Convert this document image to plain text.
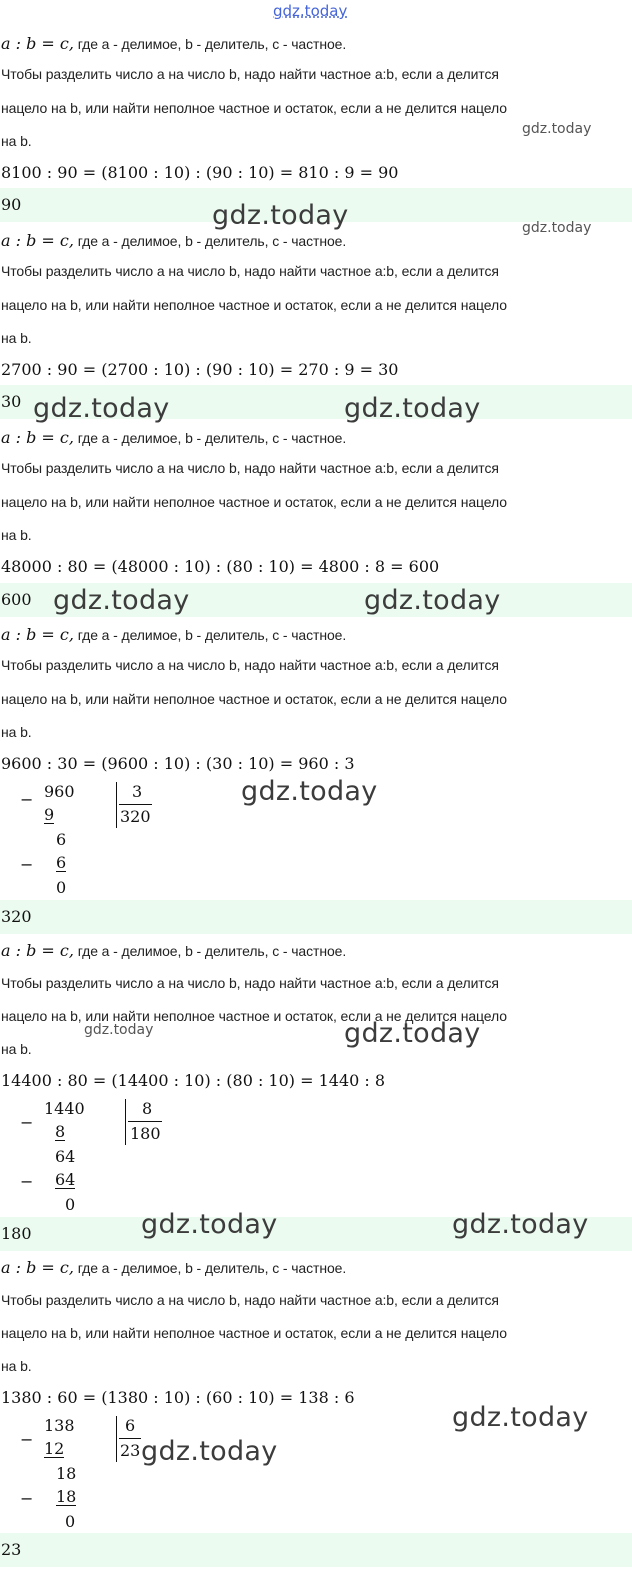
gdz.today
a : b = c, где а - делимое, b - делитель, с - частное.
Чтобы разделить число а на число b, надо найти частное а:b, если а делится
нацело на b, или найти неполное частное и остаток, если а не делится нацело
на b.
gdz.today
8100 : 90 = (8100 : 10) : (90 : 10) = 810 : 9 = 90
90	gdz.today	gdz.today
a : b = c, где а - делимое, b - делитель, с - частное.
Чтобы разделить число а на число b, надо найти частное а:b, если а делится
нацело на b, или найти неполное частное и остаток, если а не делится нацело
на b.
2700 : 90 = (2700 : 10) : (90 : 10) = 270 : 9 = 30
30 gdz.today	gdz.today
a : b = c, где а - делимое, b - делитель, с - частное.
Чтобы разделить число а на число b, надо найти частное а:b, если а делится
нацело на b, или найти неполное частное и остаток, если а не делится нацело
на b.
48000 : 80 = (48000 : 10) : (80 : 10) = 4800 : 8 = 600
600 gdz.today	gdz.today
a : b = c, где а - делимое, b - делитель, с - частное.
Чтобы разделить число а на число b, надо найти частное а:b, если а делится
нацело на b, или найти неполное частное и остаток, если а не делится нацело
на b.
9600 : 30 = (9600 : 10) : (30 : 10) = 960 : 3
− 960
9
6
− 6
0
3
320
gdz.today
320
a : b = c, где а - делимое, b - делитель, с - частное.
Чтобы разделить число а на число b, надо найти частное а:b, если а делится
нацело на b, или найти неполное частное и остаток, если а не делится нацело
на b.
gdz.today	gdz.today
14400 : 80 = (14400 : 10) : (80 : 10) = 1440 : 8
−
1440
8
64
− 64
0
8
180
180	gdz.today	gdz.today
a : b = c, где а - делимое, b - делитель, с - частное.
Чтобы разделить число а на число b, надо найти частное а:b, если а делится
нацело на b, или найти неполное частное и остаток, если а не делится нацело
на b.
1380 : 60 = (1380 : 10) : (60 : 10) = 138 : 6
gdz.today
−
138
12
18
− 18
0
6
23 gdz.today
23
